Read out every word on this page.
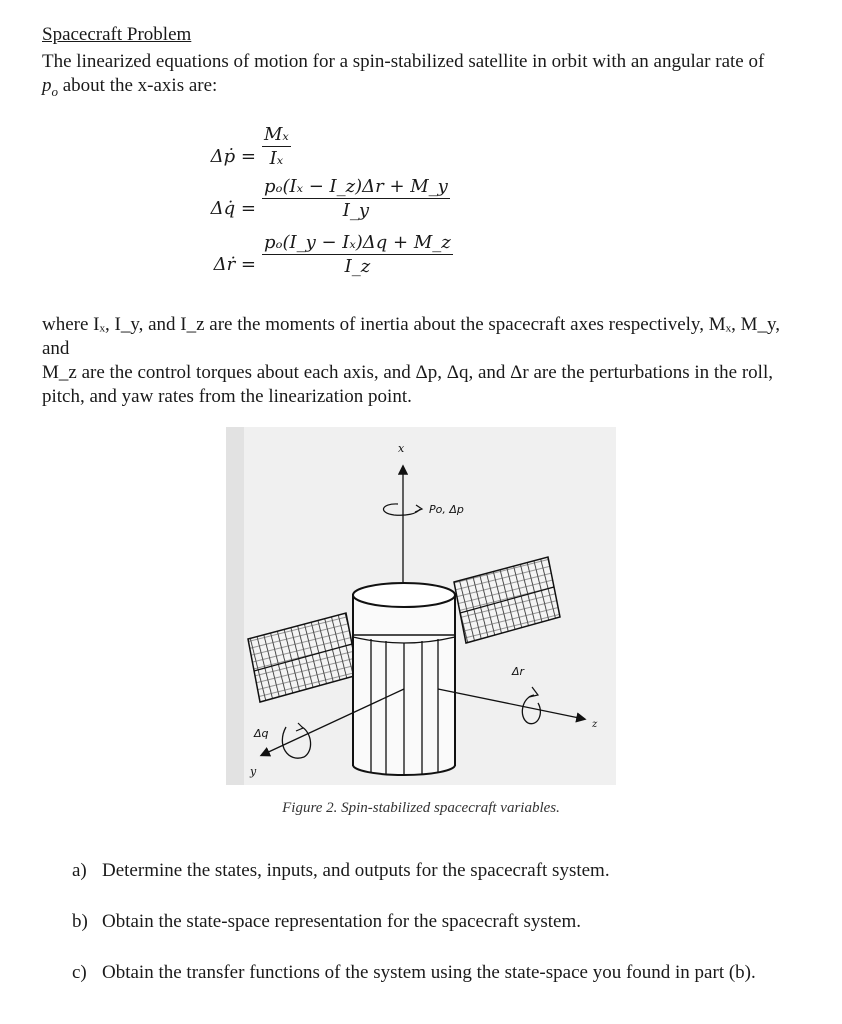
Spacecraft Problem
The linearized equations of motion for a spin-stabilized satellite in orbit with an angular rate of
$p_o$ about the x-axis are:
Δṗ = $\frac{\text{Mₓ}}{\text{Iₓ}}$
Δq̇ = $\frac{\text{pₒ(Iₓ − I\_z)Δr + M\_y}}{I\_y}$
Δṙ = $\frac{\text{pₒ(I\_y − Iₓ)Δq + M\_z}}{I\_z}$
where Iₓ, I_y, and I_z are the moments of inertia about the spacecraft axes respectively, Mₓ, M_y, and
M_z are the control torques about each axis, and Δp, Δq, and Δr are the perturbations in the roll,
pitch, and yaw rates from the linearization point.
x
Po, Δp
y
Δq
z
Δr
Figure 2. Spin-stabilized spacecraft variables.
a) Determine the states, inputs, and outputs for the spacecraft system.
b) Obtain the state-space representation for the spacecraft system.
c) Obtain the transfer functions of the system using the state-space you found in part (b).
